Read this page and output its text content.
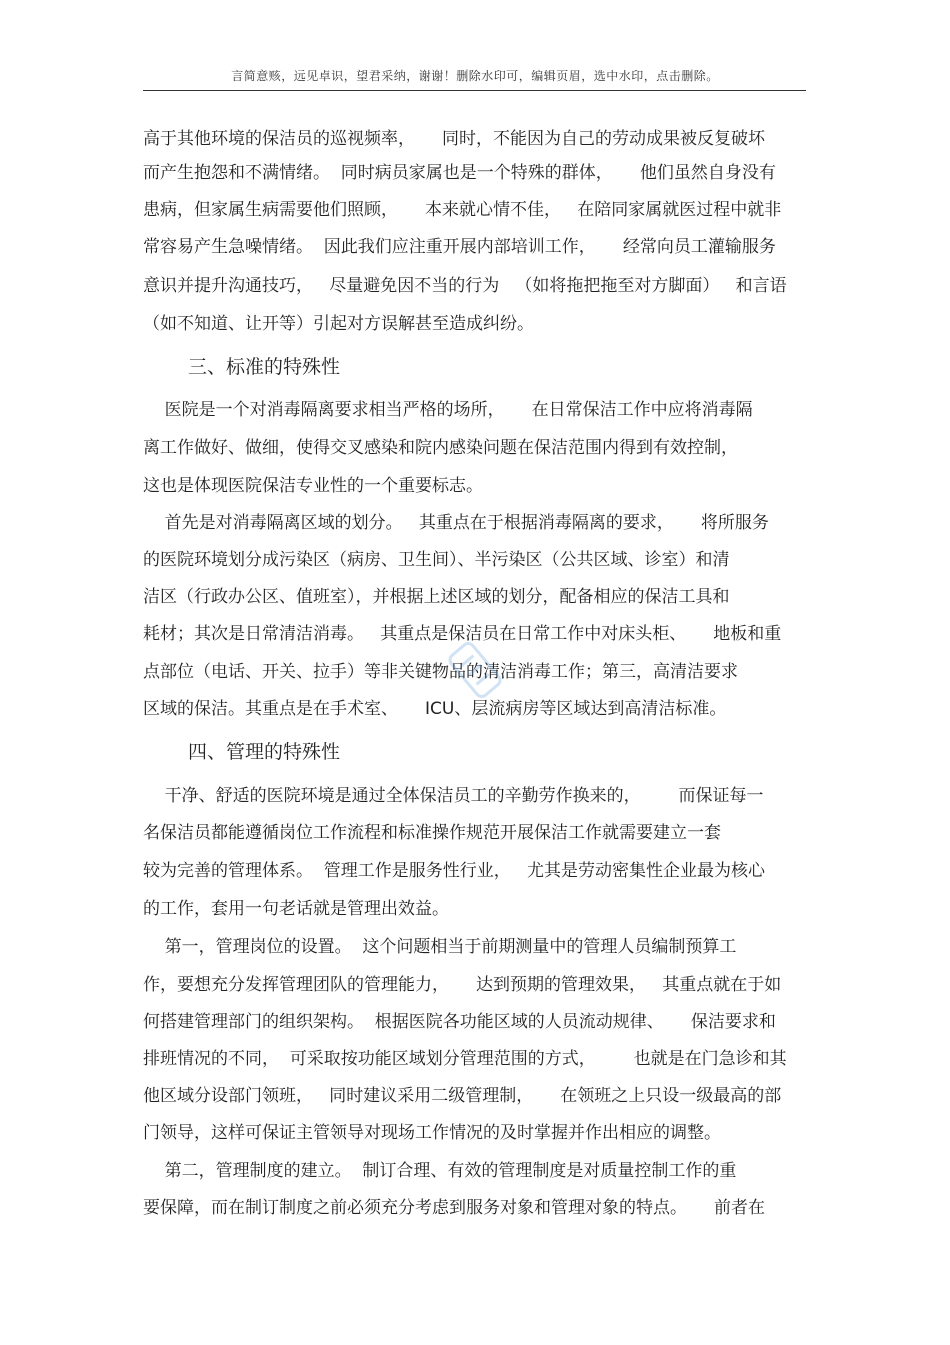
言简意赅，远见卓识，望君采纳，谢谢！删除水印可，编辑页眉，选中水印，点击删除。
高于其他环境的保洁员的巡视频率，     同时，不能因为自己的劳动成果被反复破坏
而产生抱怨和不满情绪。  同时病员家属也是一个特殊的群体，     他们虽然自身没有
患病，但家属生病需要他们照顾，     本来就心情不佳，   在陪同家属就医过程中就非
常容易产生急噪情绪。  因此我们应注重开展内部培训工作，     经常向员工灌输服务
意识并提升沟通技巧，   尽量避免因不当的行为   （如将拖把拖至对方脚面）   和言语
（如不知道、让开等）引起对方误解甚至造成纠纷。
三、标准的特殊性
医院是一个对消毒隔离要求相当严格的场所，     在日常保洁工作中应将消毒隔
离工作做好、做细，使得交叉感染和院内感染问题在保洁范围内得到有效控制，
这也是体现医院保洁专业性的一个重要标志。
首先是对消毒隔离区域的划分。   其重点在于根据消毒隔离的要求，     将所服务
的医院环境划分成污染区（病房、卫生间）、半污染区（公共区域、诊室）和清
洁区（行政办公区、值班室），并根据上述区域的划分，配备相应的保洁工具和
耗材；其次是日常清洁消毒。   其重点是保洁员在日常工作中对床头柜、     地板和重
点部位（电话、开关、拉手）等非关键物品的清洁消毒工作；第三，高清洁要求
区域的保洁。其重点是在手术室、     ICU、层流病房等区域达到高清洁标准。
四、管理的特殊性
干净、舒适的医院环境是通过全体保洁员工的辛勤劳作换来的，       而保证每一
名保洁员都能遵循岗位工作流程和标准操作规范开展保洁工作就需要建立一套
较为完善的管理体系。  管理工作是服务性行业，   尤其是劳动密集性企业最为核心
的工作，套用一句老话就是管理出效益。
第一，管理岗位的设置。  这个问题相当于前期测量中的管理人员编制预算工
作，要想充分发挥管理团队的管理能力，     达到预期的管理效果，   其重点就在于如
何搭建管理部门的组织架构。  根据医院各功能区域的人员流动规律、     保洁要求和
排班情况的不同，  可采取按功能区域划分管理范围的方式，       也就是在门急诊和其
他区域分设部门领班，   同时建议采用二级管理制，     在领班之上只设一级最高的部
门领导，这样可保证主管领导对现场工作情况的及时掌握并作出相应的调整。
第二，管理制度的建立。  制订合理、有效的管理制度是对质量控制工作的重
要保障，而在制订制度之前必须充分考虑到服务对象和管理对象的特点。     前者在
